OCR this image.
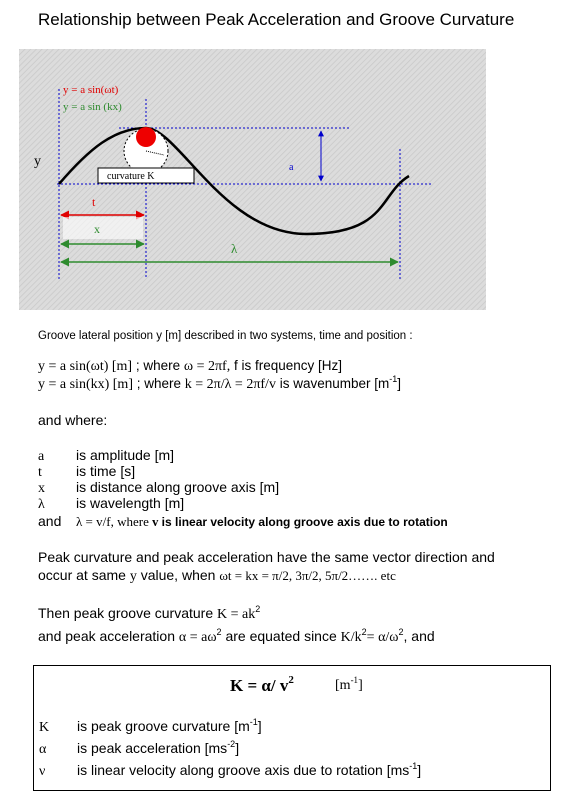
Relationship between Peak Acceleration and Groove Curvature
y = a sin(ωt)
y = a sin (kx)
y	a
curvature K
t
x
λ
Groove lateral position y [m] described in two systems, time and position :
y = a sin(ωt) [m] ; where ω = 2πf, f is frequency [Hz]
y = a sin(kx) [m] ; where k = 2π/λ = 2πf/v is wavenumber $[m^{-1}]$
and where:
a is amplitude [m]
t is time [s]
x is distance along groove axis [m]
λ is wavelength [m]
and λ = v/f, where v is linear velocity along groove axis due to rotation
Peak curvature and peak acceleration have the same vector direction and
occur at same y value, when ωt = kx = π/2, 3π/2, 5π/2……. etc
Then peak groove curvature $K = ak^2$
and peak acceleration $\alpha = a\omega^2$ are equated since $K/k^2= \alpha/\omega^2$, and
K = α/ $v^2$	$[m^{-1}]$
K is peak groove curvature $[m^{-1}]$
α is peak acceleration $[ms^{-2}]$
ν is linear velocity along groove axis due to rotation $[ms^{-1}]$
